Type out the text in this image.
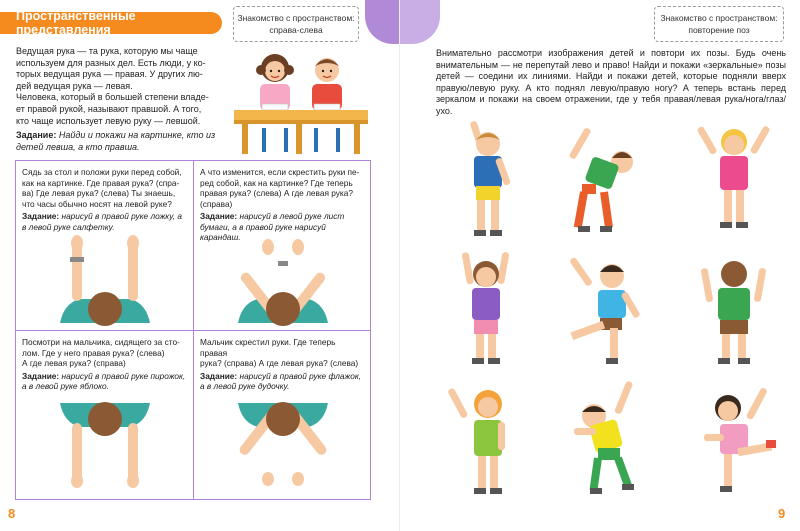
Пространственные представления
Знакомство с пространством:
справа-слева

Ведущая рука — та рука, которую мы чаще

используем для разных дел. Есть люди, у ко-

торых ведущая рука — правая. У других лю-

дей ведущая рука — левая.

Человека, который в большей степени владе-

ет правой рукой, называют правшой. А того,

кто чаще использует левую руку — левшой.

Задание: Найди и покажи на картинке, кто из детей левша, а кто правша.
Сядь за стол и положи руки перед собой,
как на картинке. Где правая рука? (спра-
ва) Где левая рука? (слева) Ты знаешь,
что часы обычно носят на левой руке?
Задание: нарисуй в правой руке ложку, а в левой руке салфетку.
А что изменится, если скрестить руки пе-
ред собой, как на картинке? Где теперь
правая рука? (слева) А где левая рука?
(справа)
Задание: нарисуй в левой руке лист бумаги, а в правой руке нарисуй карандаш.
Посмотри на мальчика, сидящего за сто-
лом. Где у него правая рука? (слева)
А где левая рука? (справа)
Задание: нарисуй в правой руке пирожок, а в левой руке яблоко.
Мальчик скрестил руки. Где теперь правая
рука? (справа) А где левая рука? (слева)
Задание: нарисуй в правой руке флажок, а в левой руке дудочку.
8
Знакомство с пространством:
повторение поз
Внимательно рассмотри изображения детей и повтори их позы. Будь очень внимательным — не перепутай лево и право! Найди и покажи «зеркальные» позы детей — соедини их линиями. Найди и покажи детей, которые подняли вверх правую/левую руку. А кто поднял левую/правую ногу? А теперь встань перед зеркалом и покажи на своем отражении, где у тебя правая/левая рука/нога/глаз/ухо.
9
